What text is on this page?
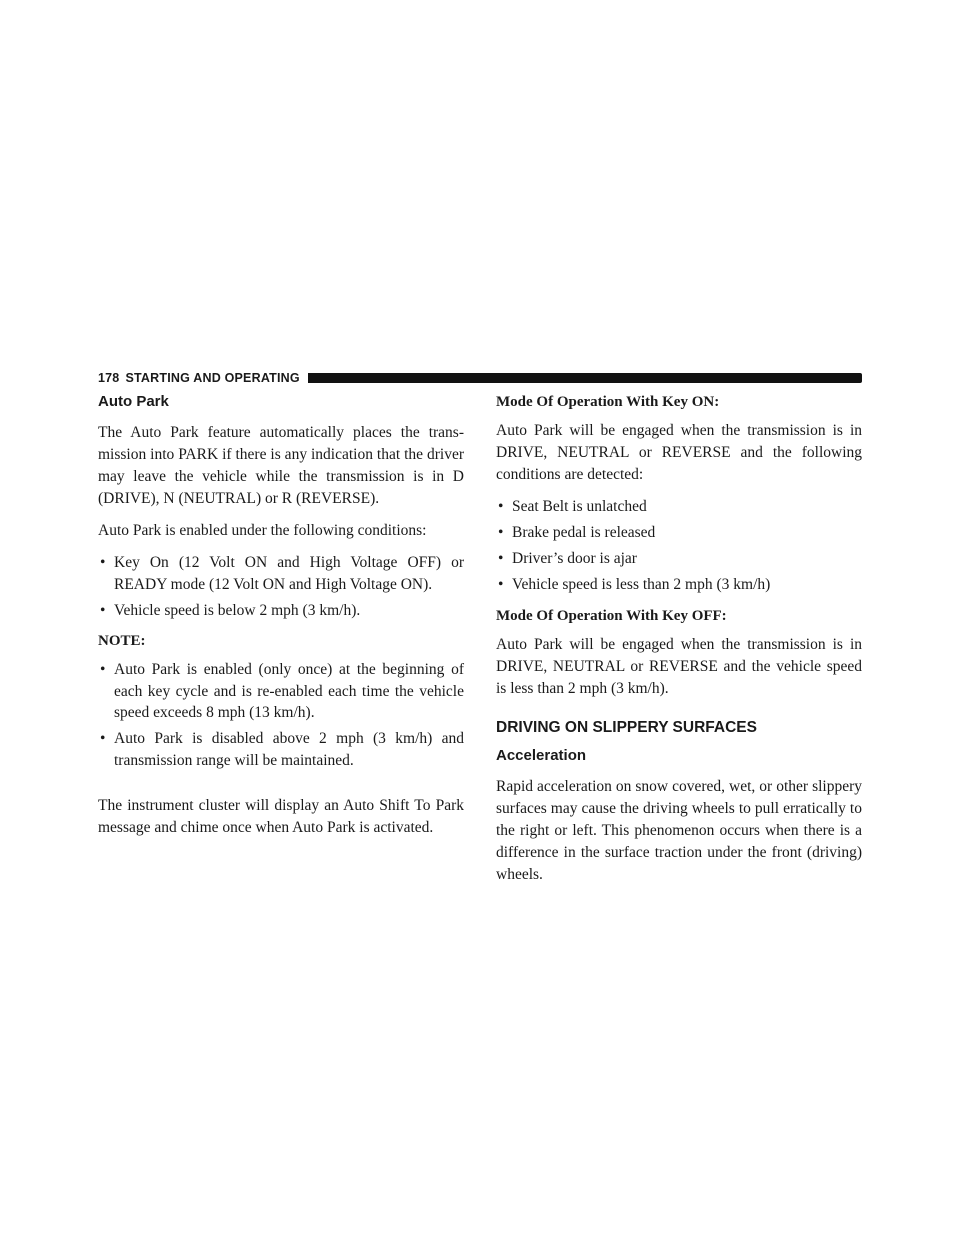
178 STARTING AND OPERATING
Auto Park

The Auto Park feature automatically places the trans-mission into PARK if there is any indication that the driver may leave the vehicle while the transmission is in D (DRIVE), N (NEUTRAL) or R (REVERSE).

Auto Park is enabled under the following conditions:

• Key On (12 Volt ON and High Voltage OFF) or READY mode (12 Volt ON and High Voltage ON).
• Vehicle speed is below 2 mph (3 km/h).
NOTE:
• Auto Park is enabled (only once) at the beginning of each key cycle and is re-enabled each time the vehicle speed exceeds 8 mph (13 km/h).
• Auto Park is disabled above 2 mph (3 km/h) and transmission range will be maintained.

The instrument cluster will display an Auto Shift To Park message and chime once when Auto Park is activated.

Mode Of Operation With Key ON:

Auto Park will be engaged when the transmission is in DRIVE, NEUTRAL or REVERSE and the following conditions are detected:

• Seat Belt is unlatched
• Brake pedal is released
• Driver’s door is ajar
• Vehicle speed is less than 2 mph (3 km/h)
Mode Of Operation With Key OFF:

Auto Park will be engaged when the transmission is in DRIVE, NEUTRAL or REVERSE and the vehicle speed is less than 2 mph (3 km/h).

DRIVING ON SLIPPERY SURFACES
Acceleration

Rapid acceleration on snow covered, wet, or other slippery surfaces may cause the driving wheels to pull erratically to the right or left. This phenomenon occurs when there is a difference in the surface traction under the front (driving) wheels.
